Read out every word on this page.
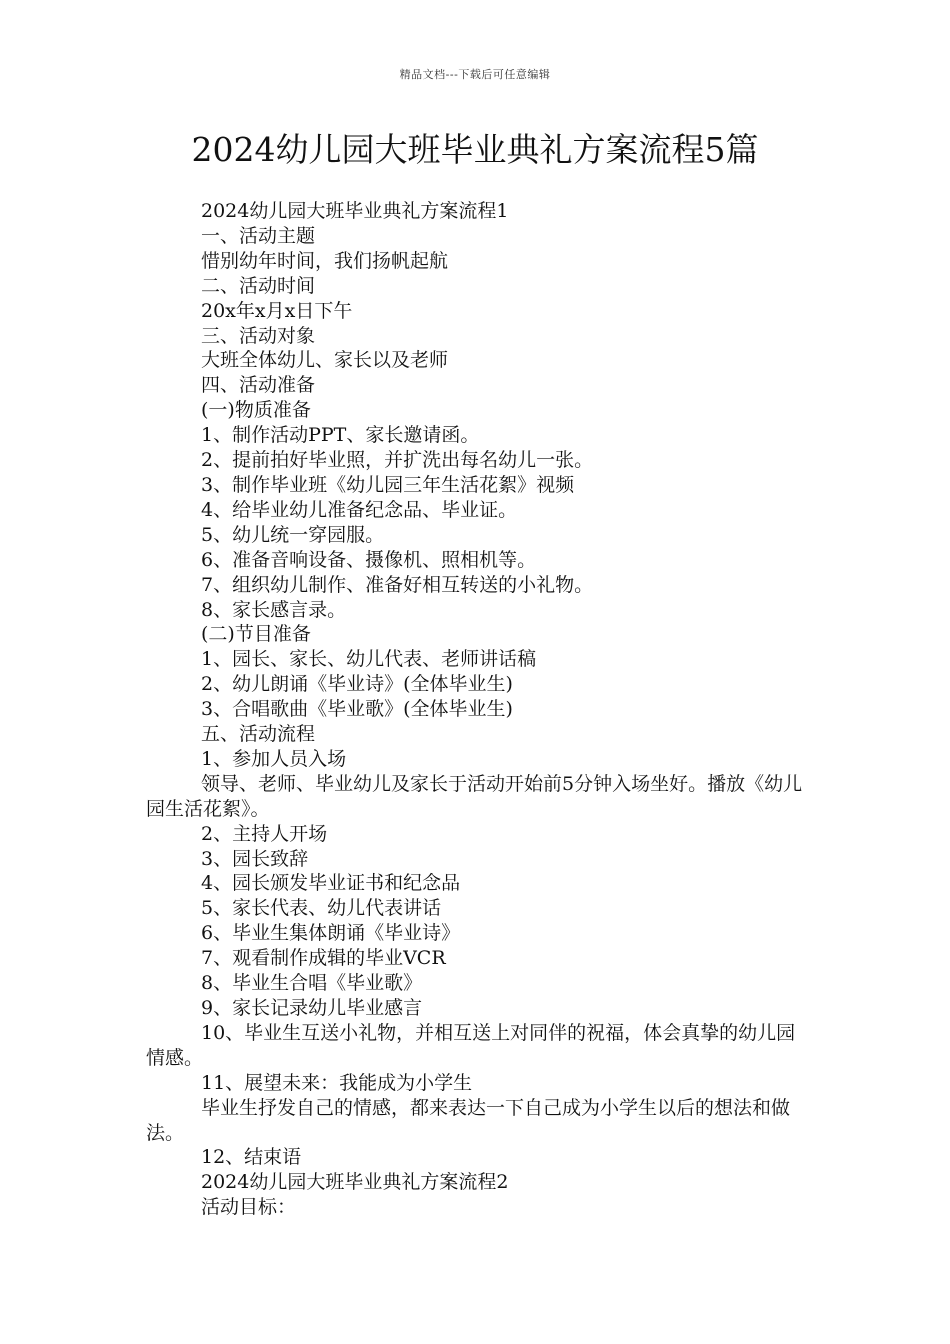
精品文档---下载后可任意编辑
2024幼儿园大班毕业典礼方案流程5篇

2024幼儿园大班毕业典礼方案流程1

一、活动主题

惜别幼年时间，我们扬帆起航

二、活动时间

20x年x月x日下午

三、活动对象

大班全体幼儿、家长以及老师

四、活动准备

(一)物质准备

1、制作活动PPT、家长邀请函。

2、提前拍好毕业照，并扩洗出每名幼儿一张。

3、制作毕业班《幼儿园三年生活花絮》视频

4、给毕业幼儿准备纪念品、毕业证。

5、幼儿统一穿园服。

6、准备音响设备、摄像机、照相机等。

7、组织幼儿制作、准备好相互转送的小礼物。

8、家长感言录。

(二)节目准备

1、园长、家长、幼儿代表、老师讲话稿

2、幼儿朗诵《毕业诗》(全体毕业生)

3、合唱歌曲《毕业歌》(全体毕业生)

五、活动流程

1、参加人员入场

领导、老师、毕业幼儿及家长于活动开始前5分钟入场坐好。播放《幼儿园生活花絮》。

2、主持人开场

3、园长致辞

4、园长颁发毕业证书和纪念品

5、家长代表、幼儿代表讲话

6、毕业生集体朗诵《毕业诗》

7、观看制作成辑的毕业VCR

8、毕业生合唱《毕业歌》

9、家长记录幼儿毕业感言

10、毕业生互送小礼物，并相互送上对同伴的祝福，体会真挚的幼儿园情感。

11、展望未来：我能成为小学生

毕业生抒发自己的情感，都来表达一下自己成为小学生以后的想法和做法。

12、结束语

2024幼儿园大班毕业典礼方案流程2

活动目标：
